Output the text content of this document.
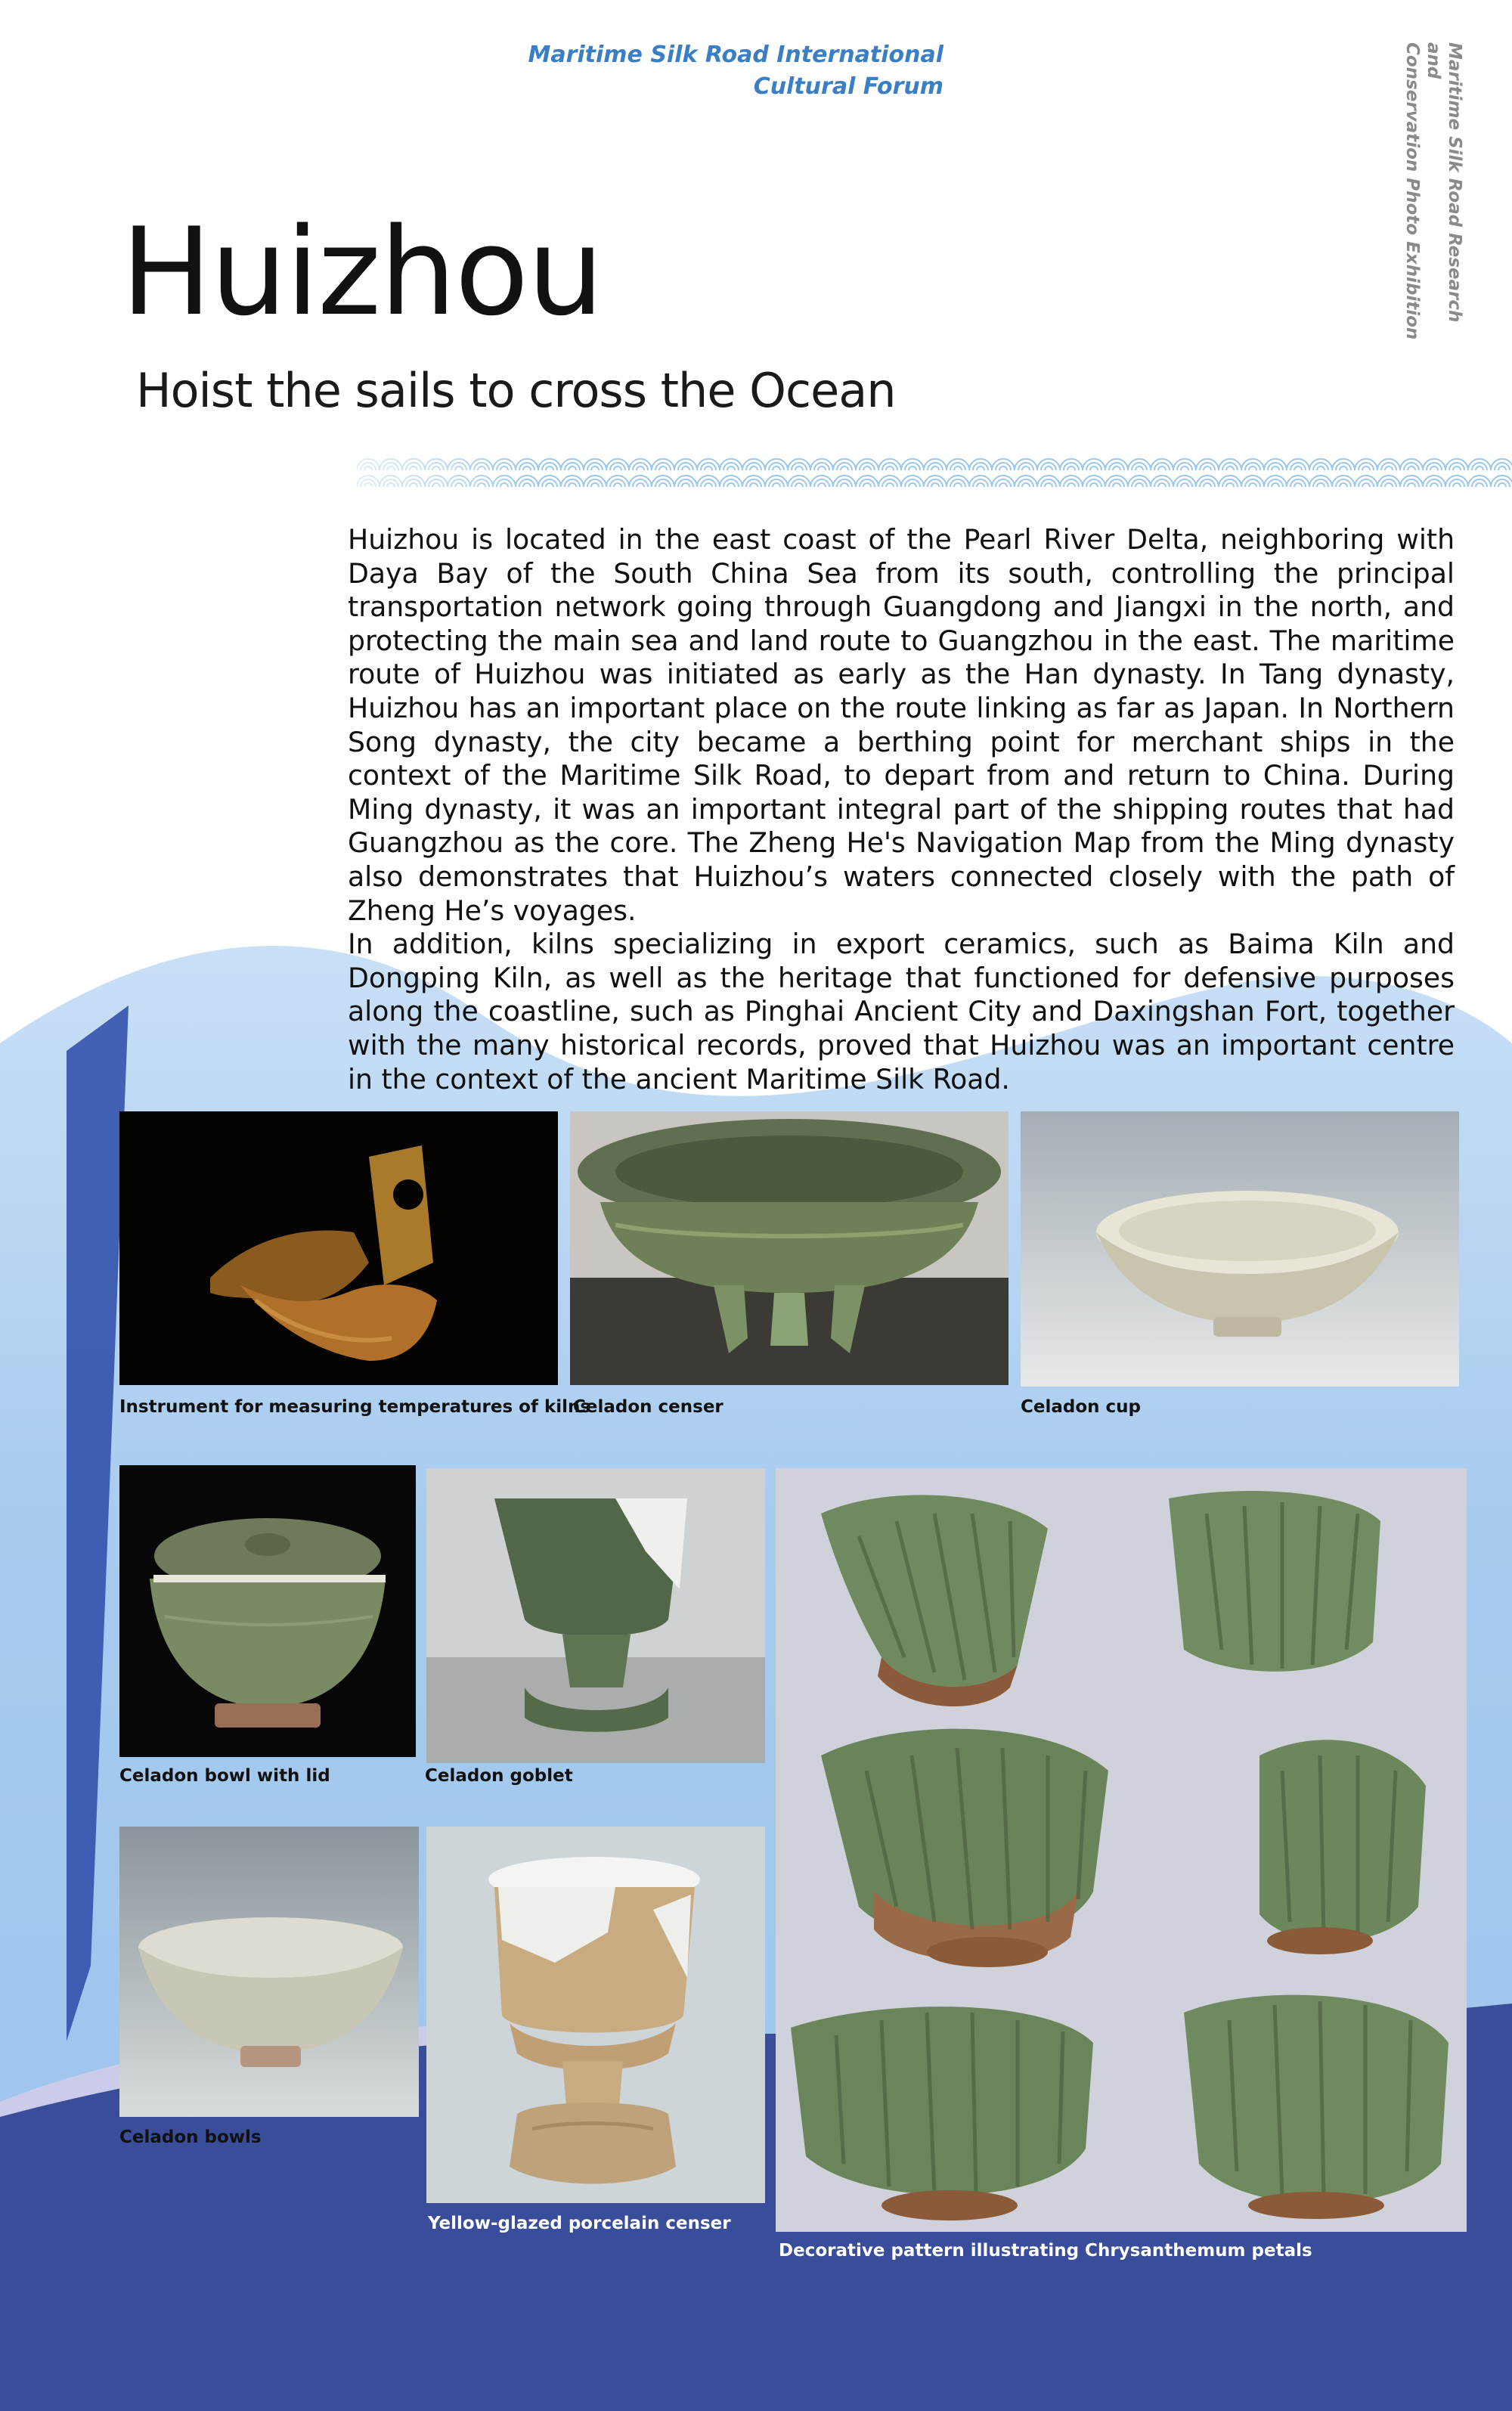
Maritime Silk Road International
Cultural Forum	Maritime Silk Road Research and
Conservation Photo Exhibition
Huizhou
Hoist the sails to cross the Ocean

Huizhou is located in the east coast of the Pearl River Delta, neighboring with Daya Bay of the South China Sea from its south, controlling the principal transportation network going through Guangdong and Jiangxi in the north, and protecting the main sea and land route to Guangzhou in the east. The maritime route of Huizhou was initiated as early as the Han dynasty. In Tang dynasty, Huizhou has an important place on the route linking as far as Japan. In Northern Song dynasty, the city became a berthing point for merchant ships in the context of the Maritime Silk Road, to depart from and return to China. During Ming dynasty, it was an important integral part of the shipping routes that had Guangzhou as the core. The Zheng He's Navigation Map from the Ming dynasty also demonstrates that Huizhou’s waters connected closely with the path of Zheng He’s voyages.

In addition, kilns specializing in export ceramics, such as Baima Kiln and Dongping Kiln, as well as the heritage that functioned for defensive purposes along the coastline, such as Pinghai Ancient City and Daxingshan Fort, together with the many historical records, proved that Huizhou was an important centre in the context of the ancient Maritime Silk Road.

Instrument for measuring temperatures of kilns
Celadon censer	Celadon cup
Celadon bowl with lid	Celadon goblet
Celadon bowls
Yellow-glazed porcelain censer
Decorative pattern illustrating Chrysanthemum petals
